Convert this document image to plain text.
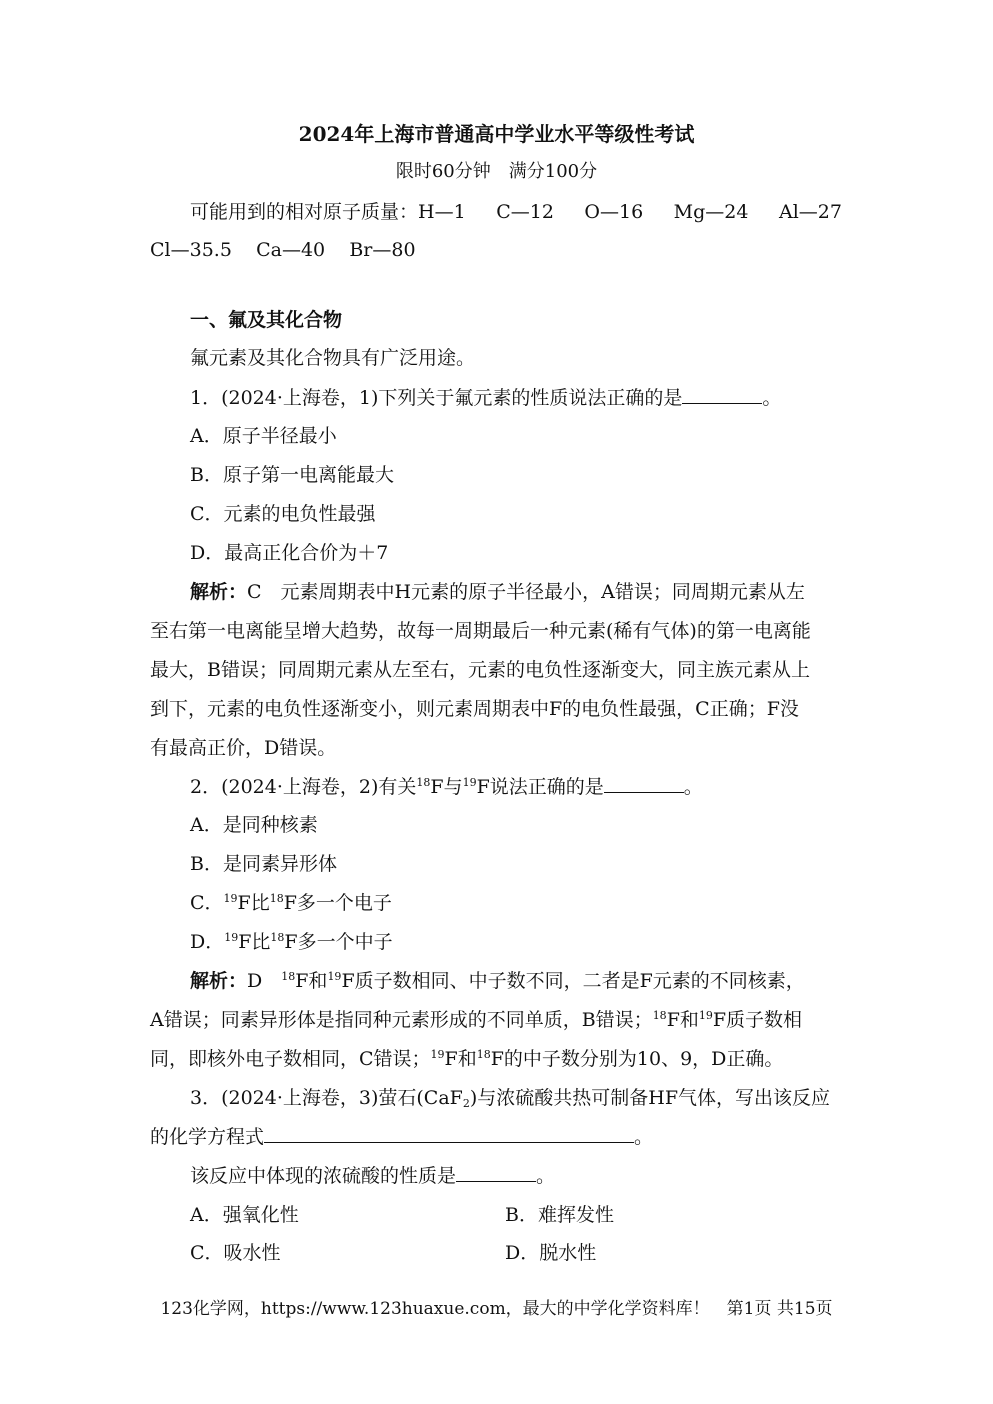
2024年上海市普通高中学业水平等级性考试
限时60分钟　满分100分
可能用到的相对原子质量：H—1 C—12 O—16 Mg—24 Al—27
Cl—35.5 Ca—40 Br—80
一、氟及其化合物
氟元素及其化合物具有广泛用途。
1．(2024·上海卷，1)下列关于氟元素的性质说法正确的是	。
A．原子半径最小
B．原子第一电离能最大
C．元素的电负性最强
D．最高正化合价为＋7
解析：C　元素周期表中H元素的原子半径最小，A错误；同周期元素从左
至右第一电离能呈增大趋势，故每一周期最后一种元素(稀有气体)的第一电离能
最大，B错误；同周期元素从左至右，元素的电负性逐渐变大，同主族元素从上
到下，元素的电负性逐渐变小，则元素周期表中F的电负性最强，C正确；F没
有最高正价，D错误。
2．(2024·上海卷，2)有关$^{18}$F与$^{19}$F说法正确的是	。
A．是同种核素
B．是同素异形体
C．$^{19}$F比$^{18}$F多一个电子
D．$^{19}$F比$^{18}$F多一个中子
解析：D　$^{18}$F和$^{19}$F质子数相同、中子数不同，二者是F元素的不同核素，
A错误；同素异形体是指同种元素形成的不同单质，B错误；$^{18}$F和$^{19}$F质子数相
同，即核外电子数相同，C错误；$^{19}$F和$^{18}$F的中子数分别为10、9，D正确。
3．(2024·上海卷，3)萤石(CaF$_2$)与浓硫酸共热可制备HF气体，写出该反应
的化学方程式	。
该反应中体现的浓硫酸的性质是	。
A．强氧化性	B．难挥发性
C．吸水性	D．脱水性
123化学网，https://www.123huaxue.com，最大的中学化学资料库！　第1页 共15页
